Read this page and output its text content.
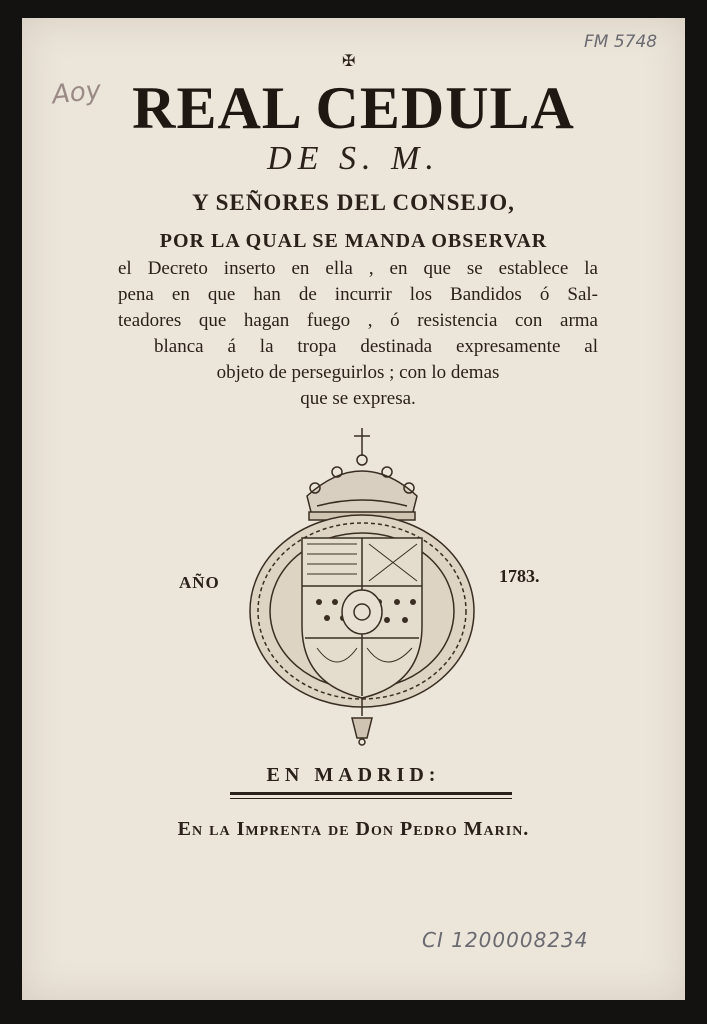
FM 5748
Aoy
✠
REAL CEDULA
DE S. M.
Y SEÑORES DEL CONSEJO,
POR LA QUAL SE MANDA OBSERVAR
el Decreto inserto en ella , en que se establece la
pena en que han de incurrir los Bandidos ó Sal-
teadores que hagan fuego , ó resistencia con arma
blanca á la tropa destinada expresamente al
objeto de perseguirlos ; con lo demas
que se expresa.
AÑO	1783.
EN MADRID:
En la Imprenta de Don Pedro Marin.
CI 1200008234
